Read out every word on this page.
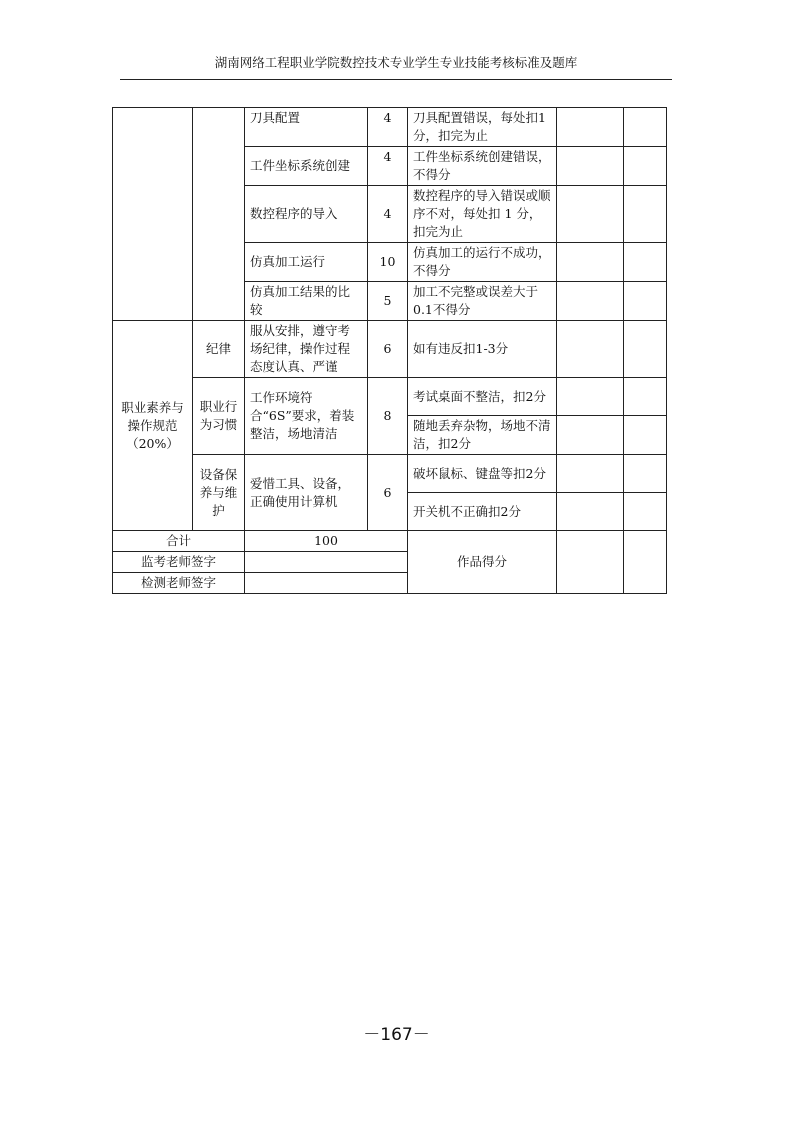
湖南网络工程职业学院数控技术专业学生专业技能考核标准及题库
		刀具配置	4	刀具配置错误，每处扣1分，扣完为止		
		工件坐标系统创建	4	工件坐标系统创建错误，不得分		
		数控程序的导入	4	数控程序的导入错误或顺序不对，每处扣 1 分，扣完为止		
		仿真加工运行	10	仿真加工的运行不成功，不得分		
		仿真加工结果的比较	5	加工不完整或误差大于0.1不得分		
职业素养与操作规范（20%）	纪律	服从安排，遵守考场纪律，操作过程态度认真、严谨	6	如有违反扣1-3分		
	职业行为习惯	工作环境符合“6S”要求，着装整洁，场地清洁	8	考试桌面不整洁，扣2分		
				随地丢弃杂物，场地不清洁，扣2分		
	设备保养与维护	爱惜工具、设备，正确使用计算机	6	破坏鼠标、键盘等扣2分		
				开关机不正确扣2分		
合计		100		作品得分		
监考老师签字						
检测老师签字						
－167－
